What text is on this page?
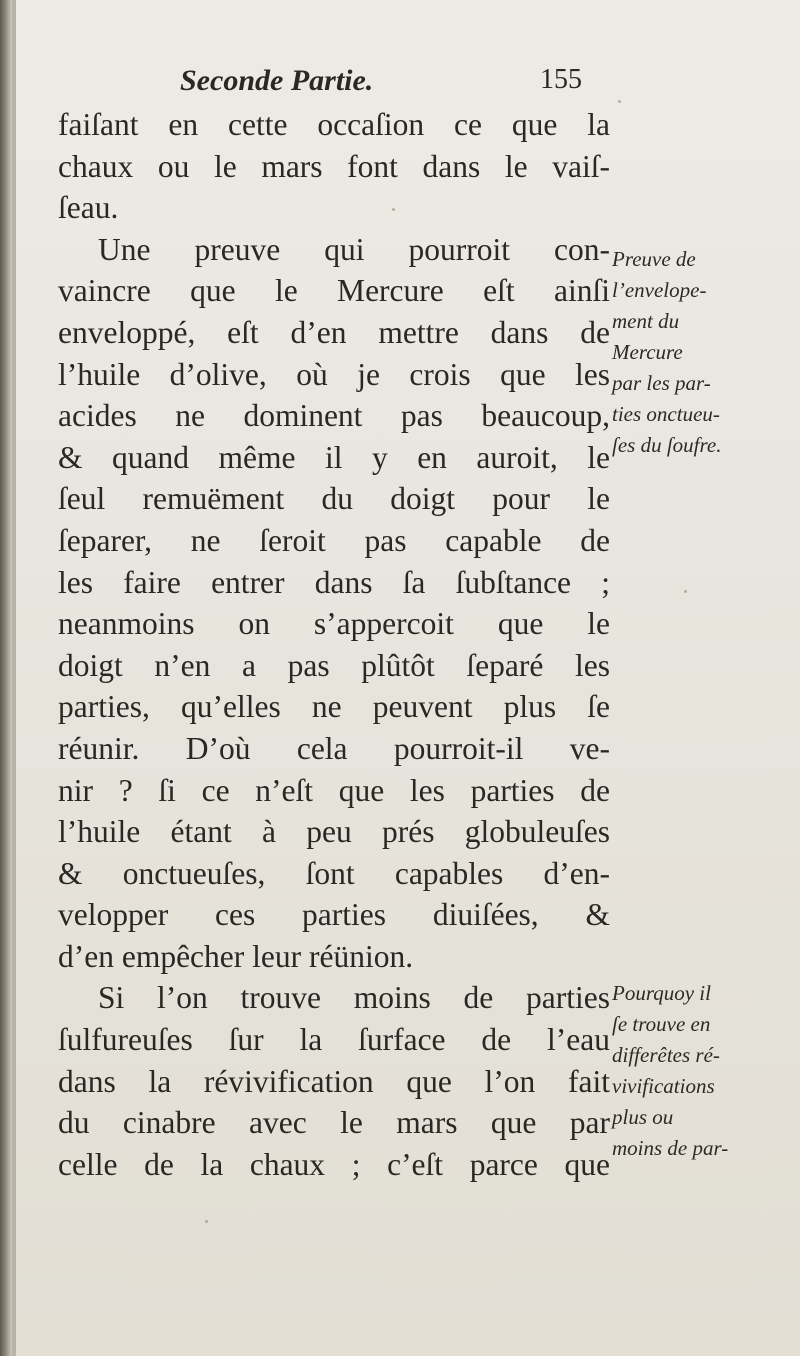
Seconde Partie.	155
faiſant en cette occaſion ce que la
chaux ou le mars font dans le vaiſ-
ſeau.
Une preuve qui pourroit con-
vaincre que le Mercure eſt ainſi
enveloppé, eſt d’en mettre dans de
l’huile d’olive, où je crois que les
acides ne dominent pas beaucoup,
& quand même il y en auroit, le
ſeul remuëment du doigt pour le
ſeparer, ne ſeroit pas capable de
les faire entrer dans ſa ſubſtance ;
neanmoins on s’appercoit que le
doigt n’en a pas plûtôt ſeparé les
parties, qu’elles ne peuvent plus ſe
réunir. D’où cela pourroit-il ve-
nir ? ſi ce n’eſt que les parties de
l’huile étant à peu prés globuleuſes
& onctueuſes, ſont capables d’en-
velopper ces parties diuiſées, &
d’en empêcher leur réünion.
Si l’on trouve moins de parties
ſulfureuſes ſur la ſurface de l’eau
dans la révivification que l’on fait
du cinabre avec le mars que par
celle de la chaux ; c’eſt parce que
Preuve de
l’envelope-
ment du
Mercure
par les par-
ties onctueu-
ſes du ſoufre.
Pourquoy il
ſe trouve en
differêtes ré-
vivifications
plus ou
moins de par-
